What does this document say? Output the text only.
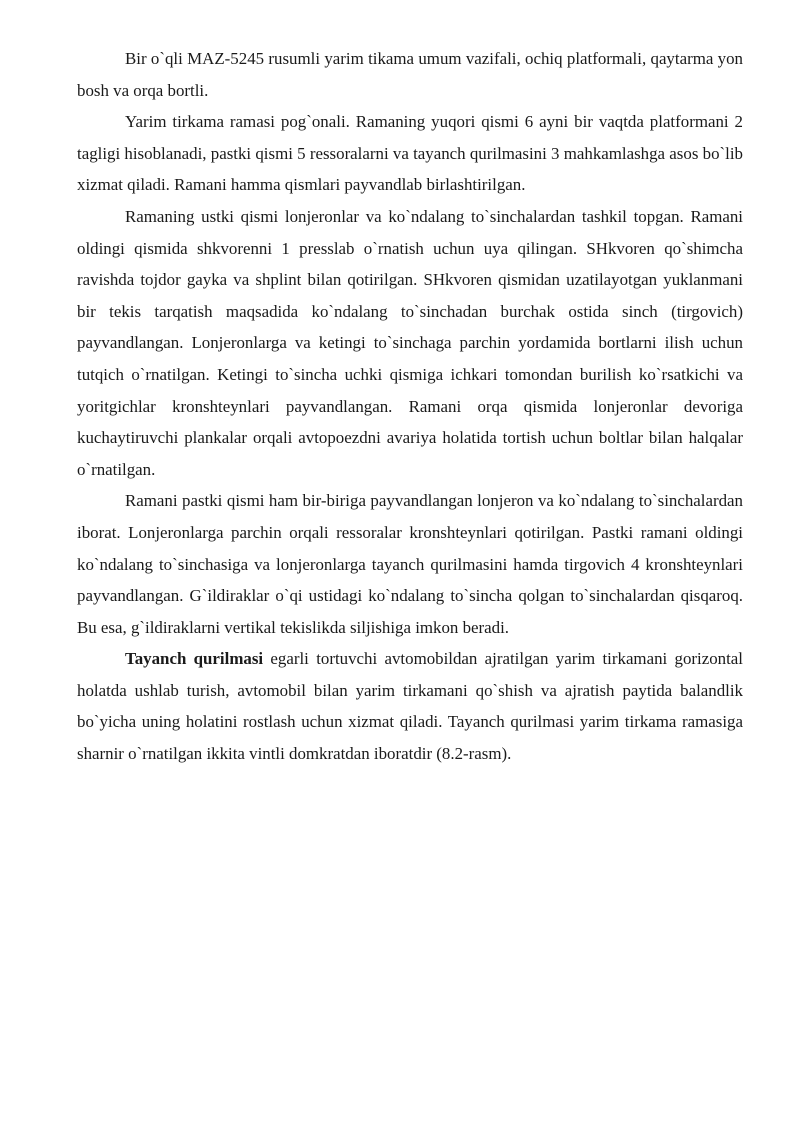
Bir o`qli MAZ-5245 rusumli yarim tikama umum vazifali, ochiq platformali, qaytarma yon bosh va orqa bortli.

Yarim tirkama ramasi pog`onali. Ramaning yuqori qismi 6 ayni bir vaqtda platformani 2 tagligi hisoblanadi, pastki qismi 5 ressoralarni va tayanch qurilmasini 3 mahkamlashga asos bo`lib xizmat qiladi. Ramani hamma qismlari payvandlab birlashtirilgan.

Ramaning ustki qismi lonjeronlar va ko`ndalang to`sinchalardan tashkil topgan. Ramani oldingi qismida shkvorenni 1 presslab o`rnatish uchun uya qilingan. SHkvoren qo`shimcha ravishda tojdor gayka va shplint bilan qotirilgan. SHkvoren qismidan uzatilayotgan yuklanmani bir tekis tarqatish maqsadida ko`ndalang to`sinchadan burchak ostida sinch (tirgovich) payvandlangan. Lonjeronlarga va ketingi to`sinchaga parchin yordamida bortlarni ilish uchun tutqich o`rnatilgan. Ketingi to`sincha uchki qismiga ichkari tomondan burilish ko`rsatkichi va yoritgichlar kronshteynlari payvandlangan. Ramani orqa qismida lonjeronlar devoriga kuchaytiruvchi plankalar orqali avtopoezdni avariya holatida tortish uchun boltlar bilan halqalar o`rnatilgan.

Ramani pastki qismi ham bir-biriga payvandlangan lonjeron va ko`ndalang to`sinchalardan iborat. Lonjeronlarga parchin orqali ressoralar kronshteynlari qotirilgan. Pastki ramani oldingi ko`ndalang to`sinchasiga va lonjeronlarga tayanch qurilmasini hamda tirgovich 4 kronshteynlari payvandlangan. G`ildiraklar o`qi ustidagi ko`ndalang to`sincha qolgan to`sinchalardan qisqaroq. Bu esa, g`ildiraklarni vertikal tekislikda siljishiga imkon beradi.

Tayanch qurilmasi egarli tortuvchi avtomobildan ajratilgan yarim tirkamani gorizontal holatda ushlab turish, avtomobil bilan yarim tirkamani qo`shish va ajratish paytida balandlik bo`yicha uning holatini rostlash uchun xizmat qiladi. Tayanch qurilmasi yarim tirkama ramasiga sharnir o`rnatilgan ikkita vintli domkratdan iboratdir (8.2-rasm).
